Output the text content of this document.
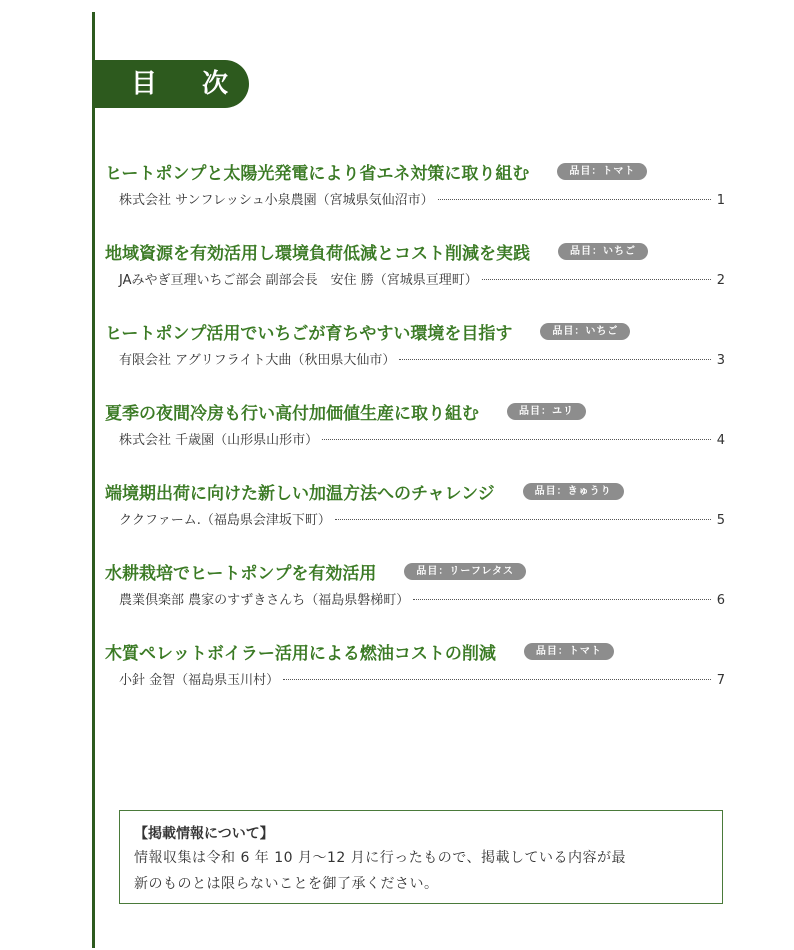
目 次
ヒートポンプと太陽光発電により省エネ対策に取り組む	品目：トマト
株式会社 サンフレッシュ小泉農園（宮城県気仙沼市）	1
地域資源を有効活用し環境負荷低減とコスト削減を実践	品目：いちご
JAみやぎ亘理いちご部会 副部会長　安住 勝（宮城県亘理町）	2
ヒートポンプ活用でいちごが育ちやすい環境を目指す	品目：いちご
有限会社 アグリフライト大曲（秋田県大仙市）	3
夏季の夜間冷房も行い高付加価値生産に取り組む	品目：ユリ
株式会社 千歳園（山形県山形市）	4
端境期出荷に向けた新しい加温方法へのチャレンジ	品目：きゅうり
ククファーム.（福島県会津坂下町）	5
水耕栽培でヒートポンプを有効活用	品目：リーフレタス
農業倶楽部 農家のすずきさんち（福島県磐梯町）	6
木質ペレットボイラー活用による燃油コストの削減	品目：トマト
小針 金智（福島県玉川村）	7
【掲載情報について】
情報収集は令和 6 年 10 月～12 月に行ったもので、掲載している内容が最
新のものとは限らないことを御了承ください。
